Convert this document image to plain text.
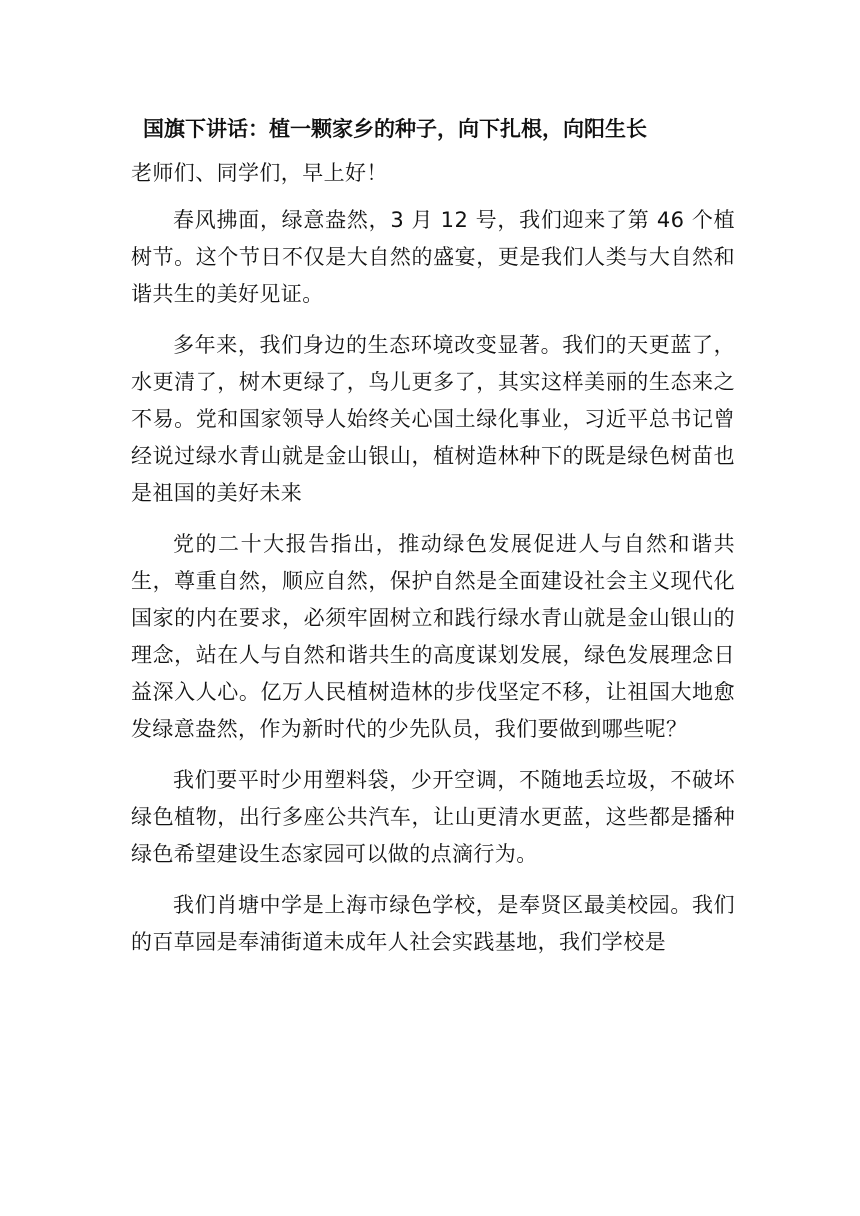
国旗下讲话：植一颗家乡的种子，向下扎根，向阳生长
老师们、同学们，早上好！
春风拂面，绿意盎然，3 月 12 号，我们迎来了第 46 个植树节。这个节日不仅是大自然的盛宴，更是我们人类与大自然和谐共生的美好见证。
多年来，我们身边的生态环境改变显著。我们的天更蓝了，水更清了，树木更绿了，鸟儿更多了，其实这样美丽的生态来之不易。党和国家领导人始终关心国土绿化事业，习近平总书记曾经说过绿水青山就是金山银山，植树造林种下的既是绿色树苗也是祖国的美好未来
党的二十大报告指出，推动绿色发展促进人与自然和谐共生，尊重自然，顺应自然，保护自然是全面建设社会主义现代化国家的内在要求，必须牢固树立和践行绿水青山就是金山银山的理念，站在人与自然和谐共生的高度谋划发展，绿色发展理念日益深入人心。亿万人民植树造林的步伐坚定不移，让祖国大地愈发绿意盎然，作为新时代的少先队员，我们要做到哪些呢？
我们要平时少用塑料袋，少开空调，不随地丢垃圾，不破坏绿色植物，出行多座公共汽车，让山更清水更蓝，这些都是播种绿色希望建设生态家园可以做的点滴行为。
我们肖塘中学是上海市绿色学校，是奉贤区最美校园。我们的百草园是奉浦街道未成年人社会实践基地，我们学校是
